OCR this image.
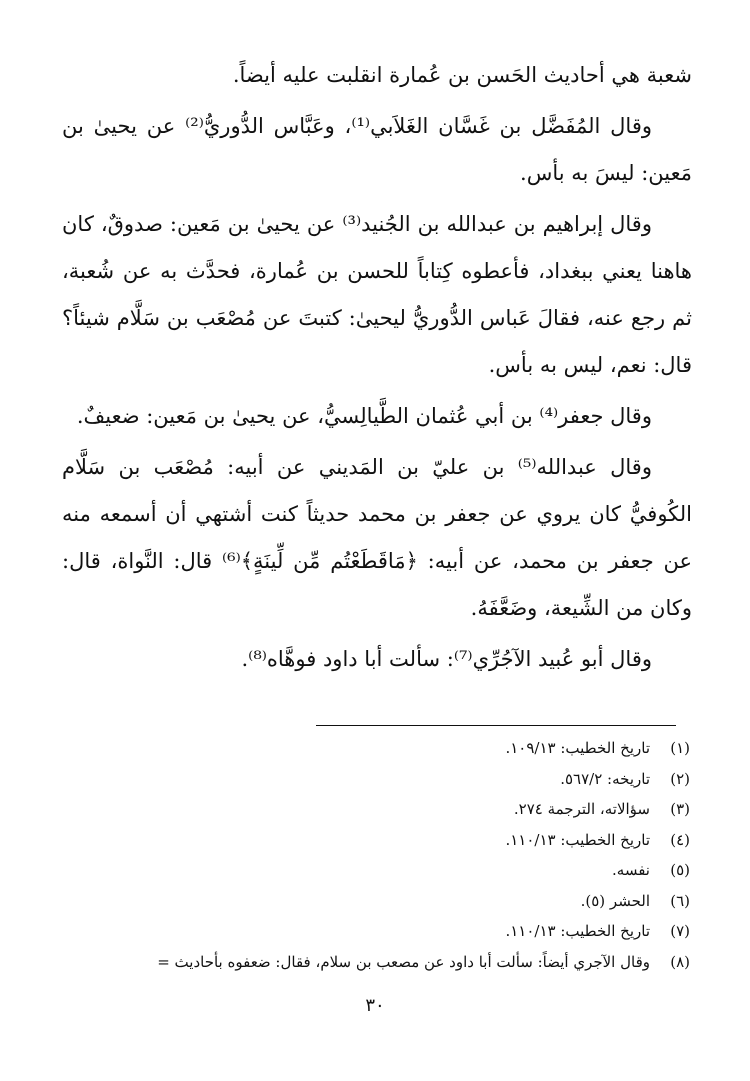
شعبة هي أحاديث الحَسن بن عُمارة انقلبت عليه أيضاً.

وقال المُفَضَّل بن غَسَّان الغَلاَبي⁽¹⁾، وعَبَّاس الدُّوريُّ⁽²⁾ عن يحيىٰ بن مَعين: ليسَ به بأس.

وقال إبراهيم بن عبدالله بن الجُنيد⁽³⁾ عن يحيىٰ بن مَعين: صدوقٌ، كان هاهنا يعني ببغداد، فأعطوه كِتاباً للحسن بن عُمارة، فحدَّث به عن شُعبة، ثم رجع عنه، فقالَ عَباس الدُّوريُّ ليحيىٰ: كتبتَ عن مُصْعَب بن سَلَّام شيئاً؟ قال: نعم، ليس به بأس.

وقال جعفر⁽⁴⁾ بن أبي عُثمان الطَّيالِسيُّ، عن يحيىٰ بن مَعين: ضعيفٌ.

وقال عبدالله⁽⁵⁾ بن عليّ بن المَديني عن أبيه: مُصْعَب بن سَلَّام الكُوفيُّ كان يروي عن جعفر بن محمد حديثاً كنت أشتهي أن أسمعه منه عن جعفر بن محمد، عن أبيه: ﴿مَاقَطَعْتُم مِّن لِّينَةٍ﴾⁽⁶⁾ قال: النَّواة، قال: وكان من الشِّيعة، وضَعَّفَهُ.

وقال أبو عُبيد الآجُرِّي⁽⁷⁾: سألت أبا داود فوهَّاه⁽⁸⁾.

(١)
تاريخ الخطيب: ١٠٩/١٣.
(٢)
تاريخه: ٥٦٧/٢.
(٣)
سؤالاته، الترجمة ٢٧٤.
(٤)
تاريخ الخطيب: ١١٠/١٣.
(٥)
نفسه.
(٦)
الحشر (٥).
(٧)
تاريخ الخطيب: ١١٠/١٣.
(٨)
وقال الآجري أيضاً: سألت أبا داود عن مصعب بن سلام، فقال: ضعفوه بأحاديث =
٣٠
